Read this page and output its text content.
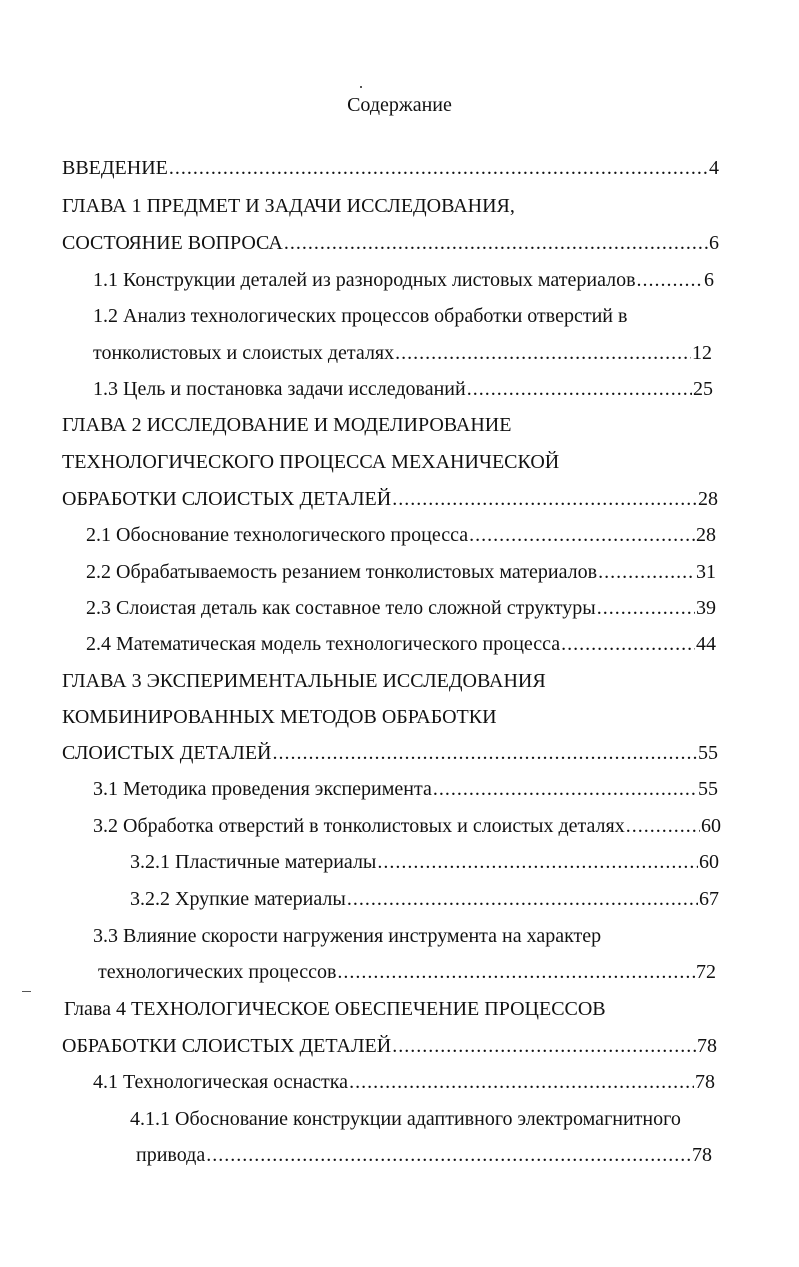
Содержание
ВВЕДЕНИЕ .....	4
ГЛАВА 1 ПРЕДМЕТ И ЗАДАЧИ ИССЛЕДОВАНИЯ,
СОСТОЯНИЕ ВОПРОСА .....	6
1.1 Конструкции деталей из разнородных листовых материалов .....	6
1.2 Анализ технологических процессов обработки отверстий в
тонколистовых и слоистых деталях .....	12
1.3 Цель и постановка задачи исследований .....	25
ГЛАВА 2 ИССЛЕДОВАНИЕ И МОДЕЛИРОВАНИЕ
ТЕХНОЛОГИЧЕСКОГО ПРОЦЕССА МЕХАНИЧЕСКОЙ
ОБРАБОТКИ СЛОИСТЫХ ДЕТАЛЕЙ .....	28
2.1 Обоснование технологического процесса .....	28
2.2 Обрабатываемость резанием тонколистовых материалов .....	31
2.3 Слоистая деталь как составное тело сложной структуры .....	39
2.4 Математическая модель технологического процесса .....	44
ГЛАВА 3 ЭКСПЕРИМЕНТАЛЬНЫЕ ИССЛЕДОВАНИЯ
КОМБИНИРОВАННЫХ МЕТОДОВ ОБРАБОТКИ
СЛОИСТЫХ ДЕТАЛЕЙ .....	55
3.1 Методика проведения эксперимента .....	55
3.2 Обработка отверстий в тонколистовых и слоистых деталях .....	60
3.2.1 Пластичные материалы .....	60
3.2.2 Хрупкие материалы .....	67
3.3 Влияние скорости нагружения инструмента на характер
технологических процессов .....	72
Глава 4 ТЕХНОЛОГИЧЕСКОЕ ОБЕСПЕЧЕНИЕ ПРОЦЕССОВ
ОБРАБОТКИ СЛОИСТЫХ ДЕТАЛЕЙ .....	78
4.1 Технологическая оснастка .....	78
4.1.1 Обоснование конструкции адаптивного электромагнитного
привода .....	78
